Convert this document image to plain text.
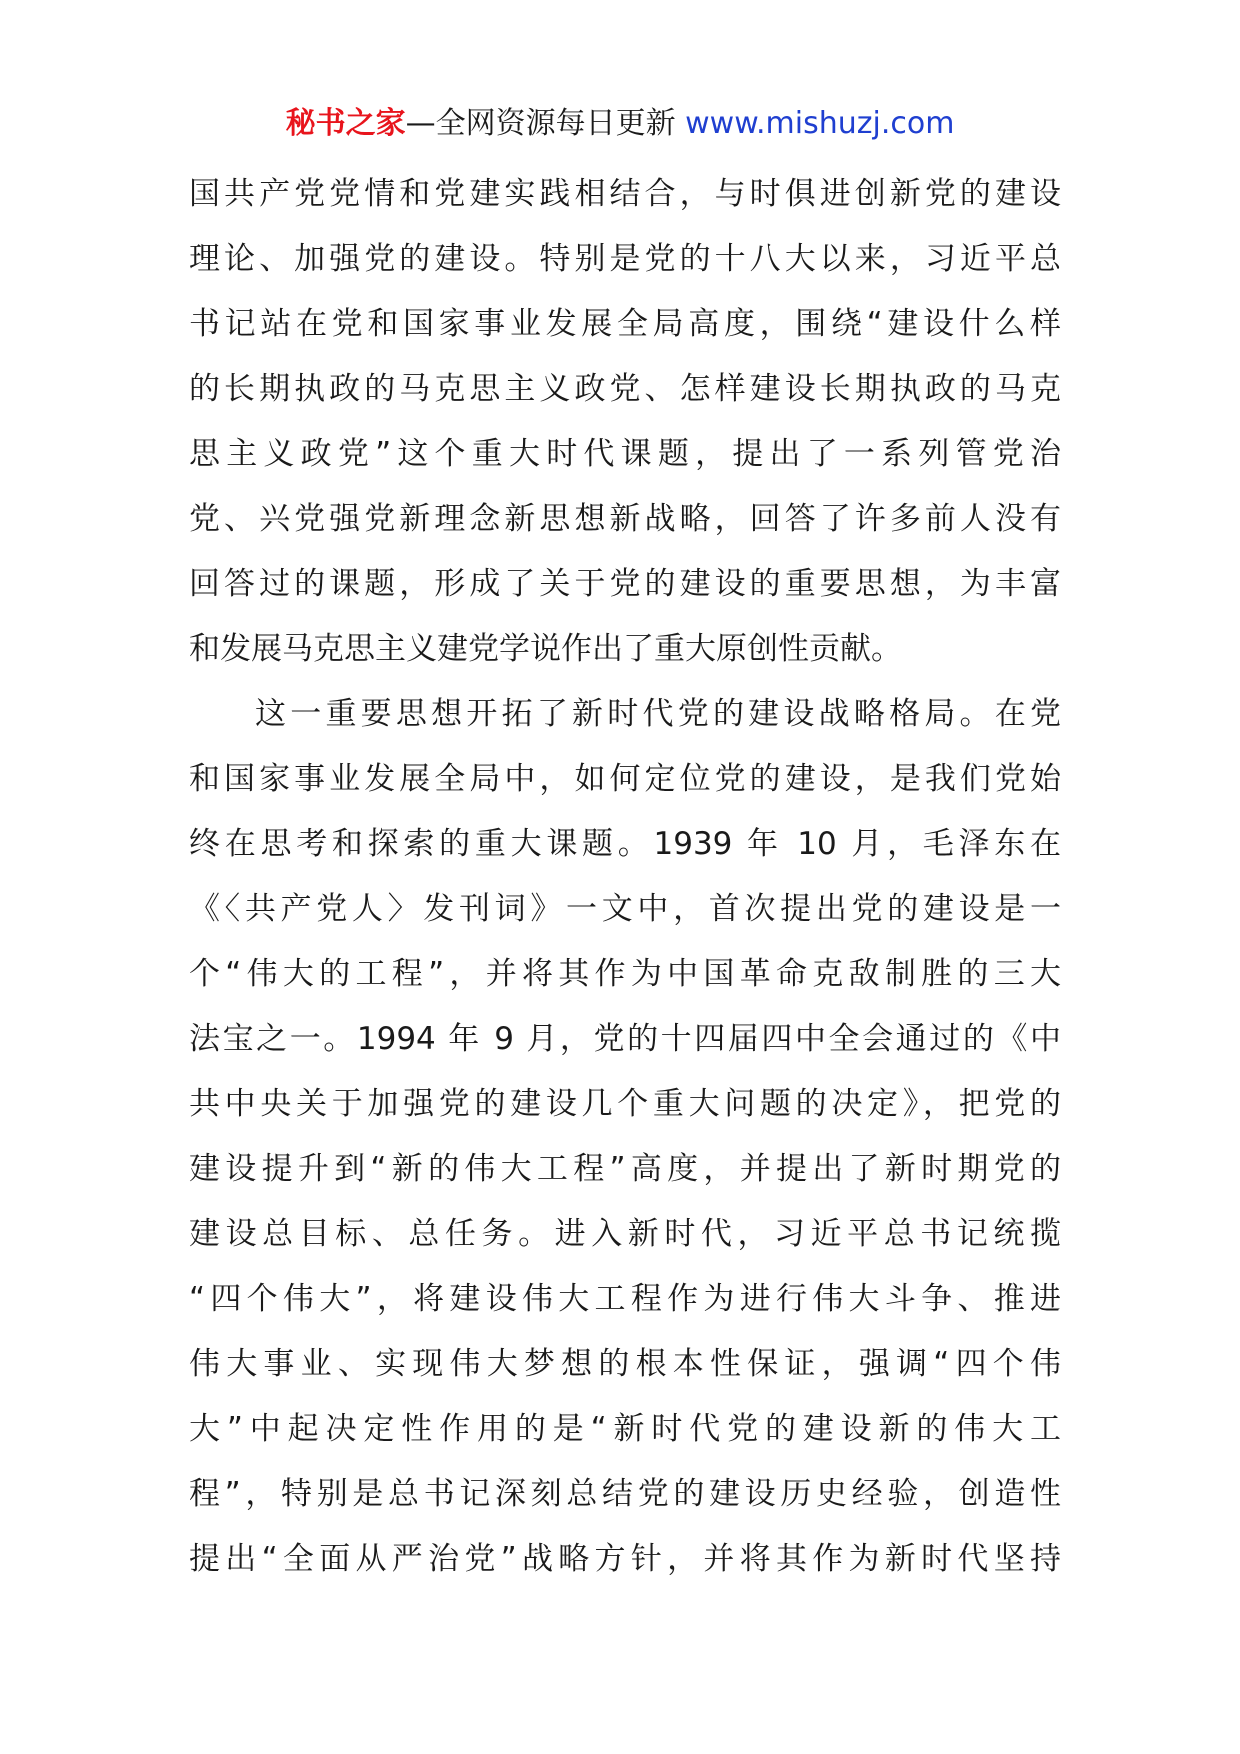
秘书之家—全网资源每日更新 www.mishuzj.com
国共产党党情和党建实践相结合，与时俱进创新党的建设
理论、加强党的建设。特别是党的十八大以来，习近平总
书记站在党和国家事业发展全局高度，围绕“建设什么样
的长期执政的马克思主义政党、怎样建设长期执政的马克
思主义政党”这个重大时代课题，提出了一系列管党治
党、兴党强党新理念新思想新战略，回答了许多前人没有
回答过的课题，形成了关于党的建设的重要思想，为丰富
和发展马克思主义建党学说作出了重大原创性贡献。
这一重要思想开拓了新时代党的建设战略格局。在党
和国家事业发展全局中，如何定位党的建设，是我们党始
终在思考和探索的重大课题。1939 年 10 月，毛泽东在
《〈共产党人〉发刊词》一文中，首次提出党的建设是一
个“伟大的工程”，并将其作为中国革命克敌制胜的三大
法宝之一。1994 年 9 月，党的十四届四中全会通过的《中
共中央关于加强党的建设几个重大问题的决定》，把党的
建设提升到“新的伟大工程”高度，并提出了新时期党的
建设总目标、总任务。进入新时代，习近平总书记统揽
“四个伟大”，将建设伟大工程作为进行伟大斗争、推进
伟大事业、实现伟大梦想的根本性保证，强调“四个伟
大”中起决定性作用的是“新时代党的建设新的伟大工
程”，特别是总书记深刻总结党的建设历史经验，创造性
提出“全面从严治党”战略方针，并将其作为新时代坚持
